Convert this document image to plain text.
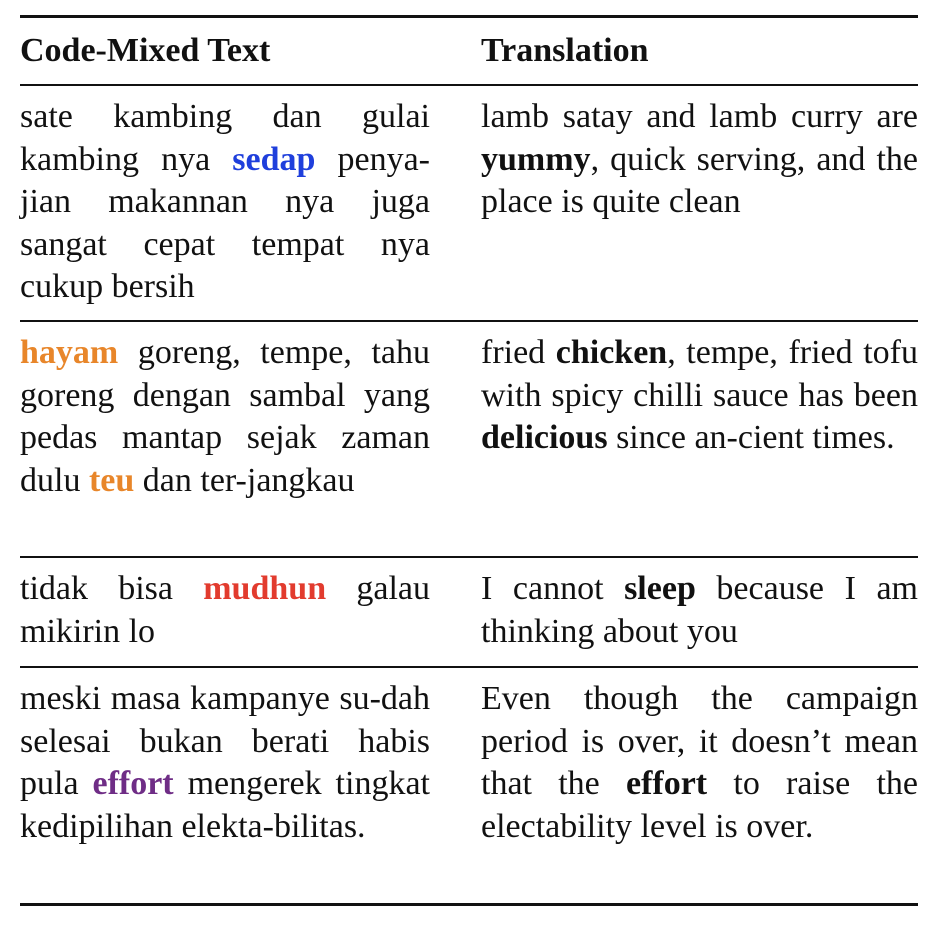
Code-Mixed Text	Translation
sate kambing dan gulai kambing nya sedap penya-jian makannan nya juga sangat cepat tempat nya cukup bersih
lamb satay and lamb curry are yummy, quick serving, and the place is quite clean
hayam goreng, tempe, tahu goreng dengan sambal yang pedas mantap sejak zaman dulu teu dan ter-jangkau
fried chicken, tempe, fried tofu with spicy chilli sauce has been delicious since an-cient times.
tidak bisa mudhun galau mikirin lo
I cannot sleep because I am thinking about you
meski masa kampanye su-dah selesai bukan berati habis pula effort mengerek tingkat kedipilihan elekta-bilitas.
Even though the campaign period is over, it doesn’t mean that the effort to raise the electability level is over.
